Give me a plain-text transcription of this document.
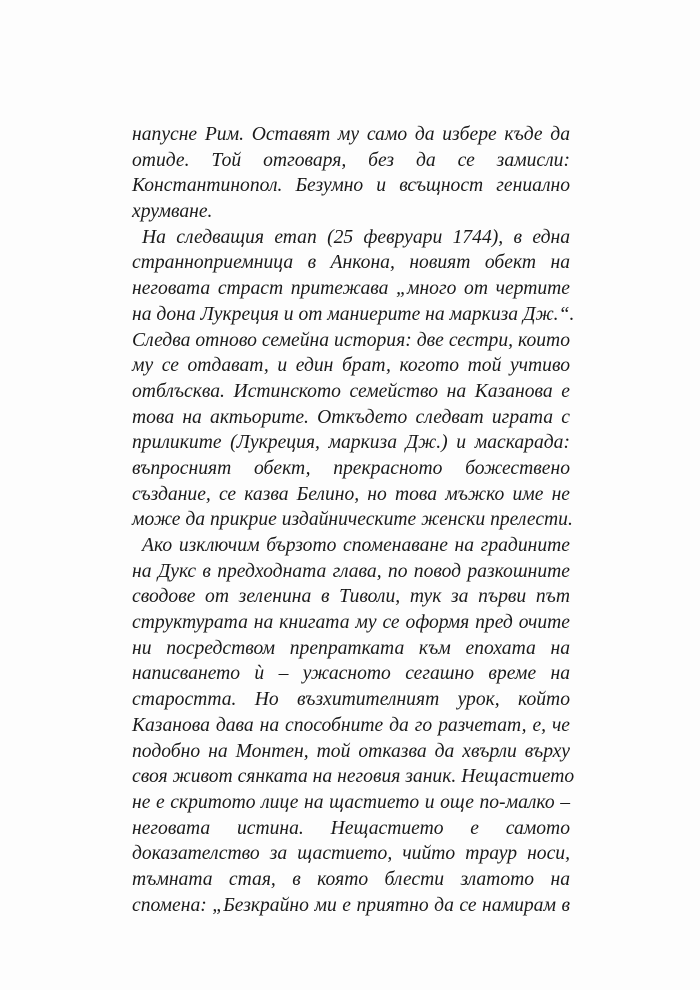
напусне Рим. Оставят му само да избере къде да
отиде. Той отговаря, без да се замисли:
Константинопол. Безумно и всъщност гениално
хрумване.
На следващия етап (25 февруари 1744), в една
странноприемница в Анкона, новият обект на
неговата страст притежава „много от чертите
на дона Лукреция и от маниерите на маркиза Дж.“.
Следва отново семейна история: две сестри, които
му се отдават, и един брат, когото той учтиво
отблъсква. Истинското семейство на Казанова е
това на актьорите. Откъдето следват играта с
приликите (Лукреция, маркиза Дж.) и маскарада:
въпросният обект, прекрасното божествено
създание, се казва Белино, но това мъжко име не
може да прикрие издайническите женски прелести.
Ако изключим бързото споменаване на градините
на Дукс в предходната глава, по повод разкошните
сводове от зеленина в Тиволи, тук за първи път
структурата на книгата му се оформя пред очите
ни посредством препратката към епохата на
написването ѝ – ужасното сегашно време на
старостта. Но възхитителният урок, който
Казанова дава на способните да го разчетат, е, че
подобно на Монтен, той отказва да хвърли върху
своя живот сянката на неговия заник. Нещастието
не е скритото лице на щастието и още по-малко –
неговата истина. Нещастието е самото
доказателство за щастието, чийто траур носи,
тъмната стая, в която блести златото на
спомена: „Безкрайно ми е приятно да се намирам в
